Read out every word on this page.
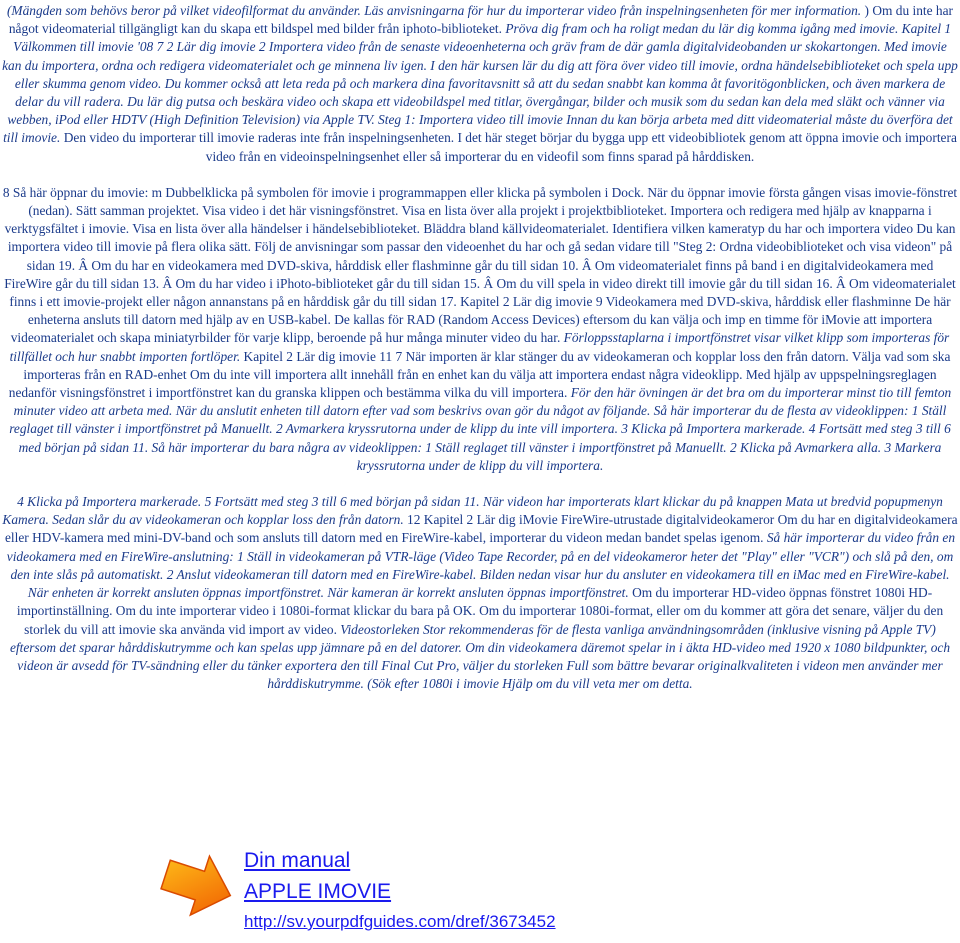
(Mängden som behövs beror på vilket videofilformat du använder. Läs anvisningarna för hur du importerar video från inspelningsenheten för mer information. ) Om du inte har något videomaterial tillgängligt kan du skapa ett bildspel med bilder från iphoto-biblioteket. Pröva dig fram och ha roligt medan du lär dig komma igång med imovie. Kapitel 1 Välkommen till imovie '08 7 2 Lär dig imovie 2 Importera video från de senaste videoenheterna och gräv fram de där gamla digitalvideobanden ur skokartongen. Med imovie kan du importera, ordna och redigera videomaterialet och ge minnena liv igen. I den här kursen lär du dig att föra över video till imovie, ordna händelsebiblioteket och spela upp eller skumma genom video. Du kommer också att leta reda på och markera dina favoritavsnitt så att du sedan snabbt kan komma åt favoritögonblicken, och även markera de delar du vill radera. Du lär dig putsa och beskära video och skapa ett videobildspel med titlar, övergångar, bilder och musik som du sedan kan dela med släkt och vänner via webben, iPod eller HDTV (High Definition Television) via Apple TV. Steg 1: Importera video till imovie Innan du kan börja arbeta med ditt videomaterial måste du överföra det till imovie. Den video du importerar till imovie raderas inte från inspelningsenheten. I det här steget börjar du bygga upp ett videobibliotek genom att öppna imovie och importera video från en videoinspelningsenhet eller så importerar du en videofil som finns sparad på hårddisken.

8 Så här öppnar du imovie: m Dubbelklicka på symbolen för imovie i programmappen eller klicka på symbolen i Dock. När du öppnar imovie första gången visas imovie-fönstret (nedan). Sätt samman projektet. Visa video i det här visningsfönstret. Visa en lista över alla projekt i projektbiblioteket. Importera och redigera med hjälp av knapparna i verktygsfältet i imovie. Visa en lista över alla händelser i händelsebiblioteket. Bläddra bland källvideomaterialet. Identifiera vilken kameratyp du har och importera video Du kan importera video till imovie på flera olika sätt. Följ de anvisningar som passar den videoenhet du har och gå sedan vidare till "Steg 2: Ordna videobiblioteket och visa videon" på sidan 19. Â Om du har en videokamera med DVD-skiva, hårddisk eller flashminne går du till sidan 10. Â Om videomaterialet finns på band i en digitalvideokamera med FireWire går du till sidan 13. Â Om du har video i iPhoto-biblioteket går du till sidan 15. Â Om du vill spela in video direkt till imovie går du till sidan 16. Â Om videomaterialet finns i ett imovie-projekt eller någon annanstans på en hårddisk går du till sidan 17. Kapitel 2 Lär dig imovie 9 Videokamera med DVD-skiva, hårddisk eller flashminne De här enheterna ansluts till datorn med hjälp av en USB-kabel. De kallas för RAD (Random Access Devices) eftersom du kan välja och imp en timme för iMovie att importera videomaterialet och skapa miniatyrbilder för varje klipp, beroende på hur många minuter video du har. Förloppsstaplarna i importfönstret visar vilket klipp som importeras för tillfället och hur snabbt importen fortlöper. Kapitel 2 Lär dig imovie 11 7 När importen är klar stänger du av videokameran och kopplar loss den från datorn. Välja vad som ska importeras från en RAD-enhet Om du inte vill importera allt innehåll från en enhet kan du välja att importera endast några videoklipp. Med hjälp av uppspelningsreglagen nedanför visningsfönstret i importfönstret kan du granska klippen och bestämma vilka du vill importera. För den här övningen är det bra om du importerar minst tio till femton minuter video att arbeta med. När du anslutit enheten till datorn efter vad som beskrivs ovan gör du något av följande. Så här importerar du de flesta av videoklippen: 1 Ställ reglaget till vänster i importfönstret på Manuellt. 2 Avmarkera kryssrutorna under de klipp du inte vill importera. 3 Klicka på Importera markerade. 4 Fortsätt med steg 3 till 6 med början på sidan 11. Så här importerar du bara några av videoklippen: 1 Ställ reglaget till vänster i importfönstret på Manuellt. 2 Klicka på Avmarkera alla. 3 Markera kryssrutorna under de klipp du vill importera.

4 Klicka på Importera markerade. 5 Fortsätt med steg 3 till 6 med början på sidan 11. När videon har importerats klart klickar du på knappen Mata ut bredvid popupmenyn Kamera. Sedan slår du av videokameran och kopplar loss den från datorn. 12 Kapitel 2 Lär dig iMovie FireWire-utrustade digitalvideokameror Om du har en digitalvideokamera eller HDV-kamera med mini-DV-band och som ansluts till datorn med en FireWire-kabel, importerar du videon medan bandet spelas igenom. Så här importerar du video från en videokamera med en FireWire-anslutning: 1 Ställ in videokameran på VTR-läge (Video Tape Recorder, på en del videokameror heter det "Play" eller "VCR") och slå på den, om den inte slås på automatiskt. 2 Anslut videokameran till datorn med en FireWire-kabel. Bilden nedan visar hur du ansluter en videokamera till en iMac med en FireWire-kabel. När enheten är korrekt ansluten öppnas importfönstret. När kameran är korrekt ansluten öppnas importfönstret. Om du importerar HD-video öppnas fönstret 1080i HD-importinställning. Om du inte importerar video i 1080i-format klickar du bara på OK. Om du importerar 1080i-format, eller om du kommer att göra det senare, väljer du den storlek du vill att imovie ska använda vid import av video. Videostorleken Stor rekommenderas för de flesta vanliga användningsområden (inklusive visning på Apple TV) eftersom det sparar hårddiskutrymme och kan spelas upp jämnare på en del datorer. Om din videokamera däremot spelar in i äkta HD-video med 1920 x 1080 bildpunkter, och videon är avsedd för TV-sändning eller du tänker exportera den till Final Cut Pro, väljer du storleken Full som bättre bevarar originalkvaliteten i videon men använder mer hårddiskutrymme. (Sök efter 1080i i imovie Hjälp om du vill veta mer om detta.

Din manual
APPLE IMOVIE
http://sv.yourpdfguides.com/dref/3673452
